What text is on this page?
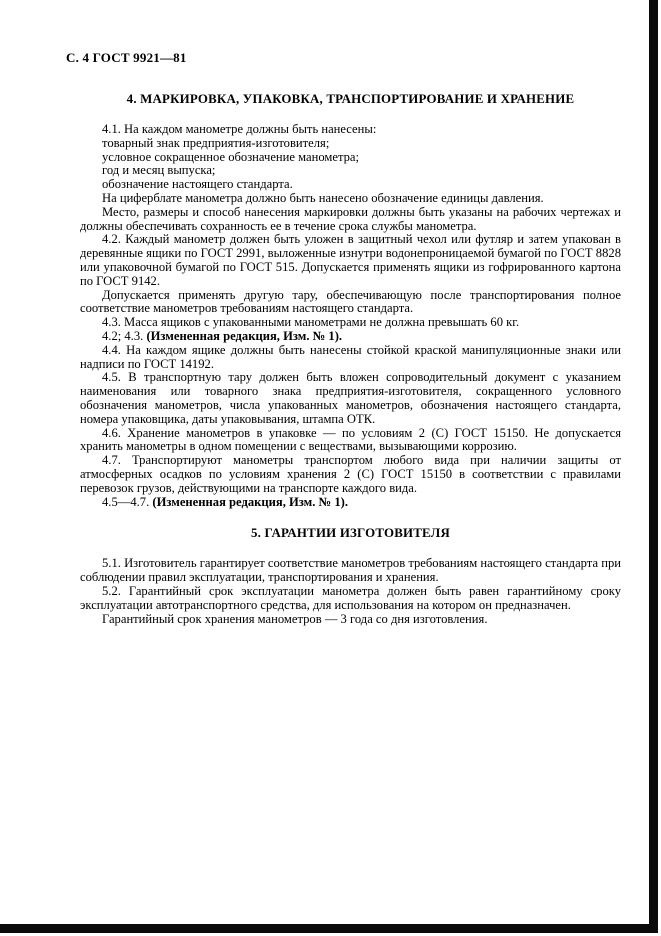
С. 4 ГОСТ 9921—81
4. МАРКИРОВКА, УПАКОВКА, ТРАНСПОРТИРОВАНИЕ И ХРАНЕНИЕ

4.1. На каждом манометре должны быть нанесены:

товарный знак предприятия-изготовителя;

условное сокращенное обозначение манометра;

год и месяц выпуска;

обозначение настоящего стандарта.

На циферблате манометра должно быть нанесено обозначение единицы давления.

Место, размеры и способ нанесения маркировки должны быть указаны на рабочих чертежах и должны обеспечивать сохранность ее в течение срока службы манометра.

4.2. Каждый манометр должен быть уложен в защитный чехол или футляр и затем упакован в деревянные ящики по ГОСТ 2991, выложенные изнутри водонепроницаемой бумагой по ГОСТ 8828 или упаковочной бумагой по ГОСТ 515. Допускается применять ящики из гофрированного картона по ГОСТ 9142.

Допускается применять другую тару, обеспечивающую после транспортирования полное соответствие манометров требованиям настоящего стандарта.

4.3. Масса ящиков с упакованными манометрами не должна превышать 60 кг.

4.2; 4.3. (Измененная редакция, Изм. № 1).

4.4. На каждом ящике должны быть нанесены стойкой краской манипуляционные знаки или надписи по ГОСТ 14192.

4.5. В транспортную тару должен быть вложен сопроводительный документ с указанием наименования или товарного знака предприятия-изготовителя, сокращенного условного обозначения манометров, числа упакованных манометров, обозначения настоящего стандарта, номера упаковщика, даты упаковывания, штампа ОТК.

4.6. Хранение манометров в упаковке — по условиям 2 (С) ГОСТ 15150. Не допускается хранить манометры в одном помещении с веществами, вызывающими коррозию.

4.7. Транспортируют манометры транспортом любого вида при наличии защиты от атмосферных осадков по условиям хранения 2 (С) ГОСТ 15150 в соответствии с правилами перевозок грузов, действующими на транспорте каждого вида.

4.5—4.7. (Измененная редакция, Изм. № 1).

5. ГАРАНТИИ ИЗГОТОВИТЕЛЯ

5.1. Изготовитель гарантирует соответствие манометров требованиям настоящего стандарта при соблюдении правил эксплуатации, транспортирования и хранения.

5.2. Гарантийный срок эксплуатации манометра должен быть равен гарантийному сроку эксплуатации автотранспортного средства, для использования на котором он предназначен.

Гарантийный срок хранения манометров — 3 года со дня изготовления.
